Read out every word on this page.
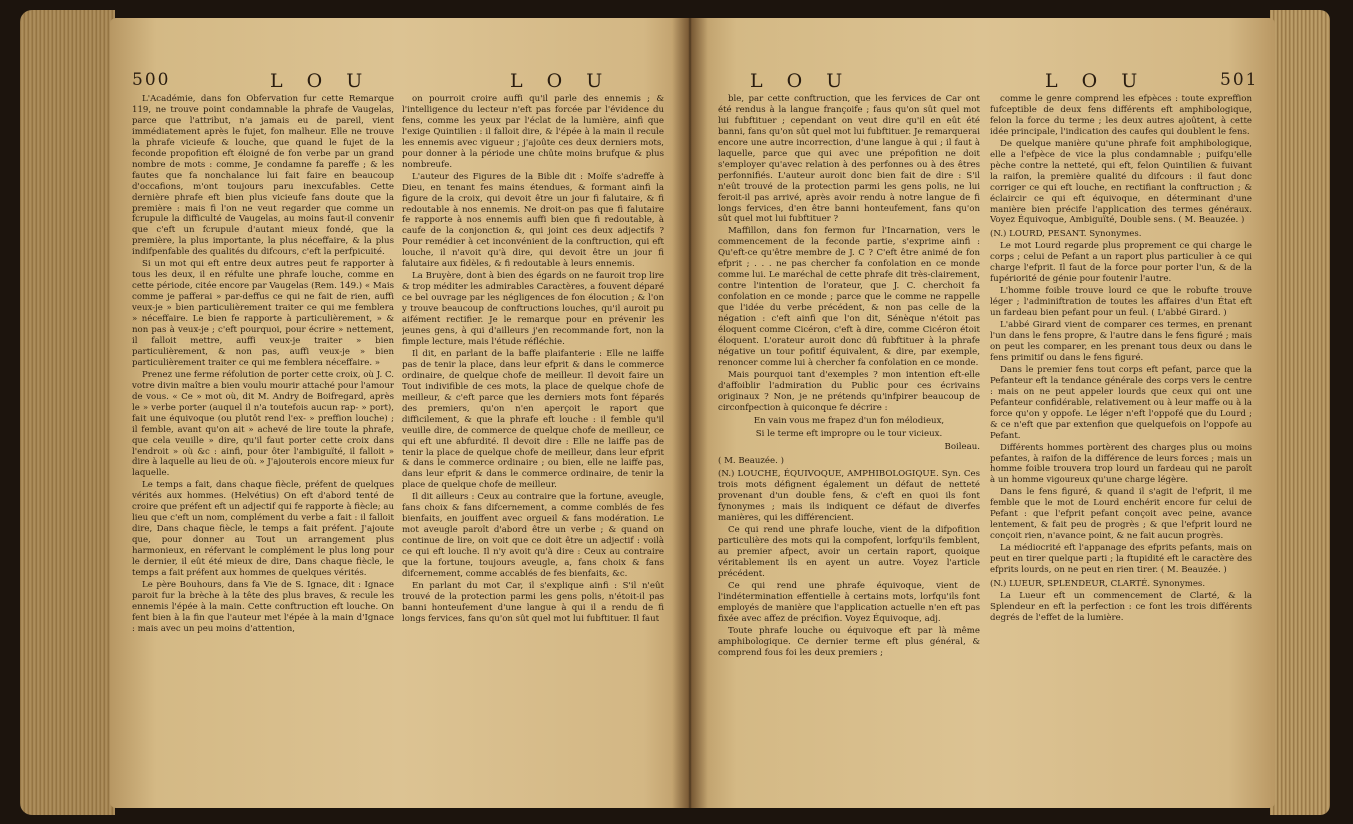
500	L O U	L O U

L'Académie, dans fon Obfervation fur cette Remarque 119, ne trouve point condamnable la phrafe de Vaugelas, parce que l'attribut, n'a jamais eu de pareil, vient immédiatement après le fujet, fon malheur. Elle ne trouve la phrafe vicieufe & louche, que quand le fujet de la feconde propofition eft éloigné de fon verbe par un grand nombre de mots : comme, Je condamne fa pareffe ; & les fautes que fa nonchalance lui fait faire en beaucoup d'occafions, m'ont toujours paru inexcufables. Cette dernière phrafe eft bien plus vicieufe fans doute que la première : mais fi l'on ne veut regarder que comme un fcrupule la difficulté de Vaugelas, au moins faut-il convenir que c'eft un fcrupule d'autant mieux fondé, que la première, la plus importante, la plus néceffaire, & la plus indifpenfable des qualités du difcours, c'eft la perfpicuité.

Si un mot qui eft entre deux autres peut fe rapporter à tous les deux, il en réfulte une phrafe louche, comme en cette période, citée encore par Vaugelas (Rem. 149.) « Mais comme je pafferai » par-deffus ce qui ne fait de rien, auffi veux-je » bien particulièrement traiter ce qui me femblera » néceffaire. Le bien fe rapporte à particulièrement, » & non pas à veux-je ; c'eft pourquoi, pour écrire » nettement, il falloit mettre, auffi veux-je traiter » bien particulièrement, & non pas, auffi veux-je » bien particulièrement traiter ce qui me femblera néceffaire. »

Prenez une ferme réfolution de porter cette croix, où J. C. votre divin maître a bien voulu mourir attaché pour l'amour de vous. « Ce » mot où, dit M. Andry de Boifregard, après le » verbe porter (auquel il n'a toutefois aucun rap- » port), fait une équivoque (ou plutôt rend l'ex- » preffion louche) ; il femble, avant qu'on ait » achevé de lire toute la phrafe, que cela veuille » dire, qu'il faut porter cette croix dans l'endroit » où &c : ainfi, pour ôter l'ambiguïté, il falloit » dire à laquelle au lieu de où. » J'ajouterois encore mieux fur laquelle.

Le temps a fait, dans chaque fiècle, préfent de quelques vérités aux hommes. (Helvétius) On eft d'abord tenté de croire que préfent eft un adjectif qui fe rapporte à fiècle; au lieu que c'eft un nom, complément du verbe a fait : il falloit dire, Dans chaque fiècle, le temps a fait préfent. J'ajoute que, pour donner au Tout un arrangement plus harmonieux, en réfervant le complément le plus long pour le dernier, il eût été mieux de dire, Dans chaque fiècle, le temps a fait préfent aux hommes de quelques vérités.

Le père Bouhours, dans fa Vie de S. Ignace, dit : Ignace paroit fur la brèche à la tête des plus braves, & recule les ennemis l'épée à la main. Cette conftruction eft louche. On fent bien à la fin que l'auteur met l'épée à la main d'Ignace : mais avec un peu moins d'attention,

on pourroit croire auffi qu'il parle des ennemis ; & l'intelligence du lecteur n'eft pas forcée par l'évidence du fens, comme les yeux par l'éclat de la lumière, ainfi que l'exige Quintilien : il falloit dire, & l'épée à la main il recule les ennemis avec vigueur ; j'ajoûte ces deux derniers mots, pour donner à la période une chûte moins brufque & plus nombreufe.

L'auteur des Figures de la Bible dit : Moïfe s'adreffe à Dieu, en tenant fes mains étendues, & formant ainfi la figure de la croix, qui devoit être un jour fi falutaire, & fi redoutable à nos ennemis. Ne droit-on pas que fi falutaire fe rapporte à nos ennemis auffi bien que fi redoutable, à caufe de la conjonction &, qui joint ces deux adjectifs ? Pour remédier à cet inconvénient de la conftruction, qui eft louche, il n'avoit qu'à dire, qui devoit être un jour fi falutaire aux fidèles, & fi redoutable à leurs ennemis.

La Bruyère, dont à bien des égards on ne fauroit trop lire & trop méditer les admirables Caractères, a fouvent déparé ce bel ouvrage par les négligences de fon élocution ; & l'on y trouve beaucoup de conftructions louches, qu'il auroit pu aifément rectifier. Je le remarque pour en prévenir les jeunes gens, à qui d'ailleurs j'en recommande fort, non la fimple lecture, mais l'étude réfléchie.

Il dit, en parlant de la baffe plaifanterie : Elle ne laiffe pas de tenir la place, dans leur efprit & dans le commerce ordinaire, de quelque chofe de meilleur. Il devoit faire un Tout indivifible de ces mots, la place de quelque chofe de meilleur, & c'eft parce que les derniers mots font féparés des premiers, qu'on n'en aperçoit le raport que difficilement, & que la phrafe eft louche : il femble qu'il veuille dire, de commerce de quelque chofe de meilleur, ce qui eft une abfurdité. Il devoit dire : Elle ne laiffe pas de tenir la place de quelque chofe de meilleur, dans leur efprit & dans le commerce ordinaire ; ou bien, elle ne laiffe pas, dans leur efprit & dans le commerce ordinaire, de tenir la place de quelque chofe de meilleur.

Il dit ailleurs : Ceux au contraire que la fortune, aveugle, fans choix & fans difcernement, a comme comblés de fes bienfaits, en jouiffent avec orgueil & fans modération. Le mot aveugle paroît d'abord être un verbe ; & quand on continue de lire, on voit que ce doit être un adjectif : voilà ce qui eft louche. Il n'y avoit qu'à dire : Ceux au contraire que la fortune, toujours aveugle, a, fans choix & fans difcernement, comme accablés de fes bienfaits, &c.

En parlant du mot Car, il s'explique ainfi : S'il n'eût trouvé de la protection parmi les gens polis, n'étoit-il pas banni honteufement d'une langue à qui il a rendu de fi longs fervices, fans qu'on sût quel mot lui fubftituer. Il faut

L O U	L O U	501

ble, par cette conftruction, que les fervices de Car ont été rendus à la langue françoife ; faus qu'on sût quel mot lui fubftituer ; cependant on veut dire qu'il en eût été banni, fans qu'on sût quel mot lui fubftituer. Je remarquerai encore une autre incorrection, d'une langue à qui ; il faut à laquelle, parce que qui avec une prépofition ne doit s'employer qu'avec relation à des perfonnes ou à des êtres perfonnifiés. L'auteur auroit donc bien fait de dire : S'il n'eût trouvé de la protection parmi les gens polis, ne lui feroit-il pas arrivé, après avoir rendu à notre langue de fi longs fervices, d'en être banni honteufement, fans qu'on sût quel mot lui fubftituer ?

Maffillon, dans fon fermon fur l'Incarnation, vers le commencement de la feconde partie, s'exprime ainfi : Qu'eft-ce qu'être membre de J. C ? C'eft être animé de fon efprit ; . . . ne pas chercher fa confolation en ce monde comme lui. Le maréchal de cette phrafe dit très-clairement, contre l'intention de l'orateur, que J. C. cherchoit fa confolation en ce monde ; parce que le comme ne rappelle que l'idée du verbe précédent, & non pas celle de la négation : c'eft ainfi que l'on dit, Sénèque n'étoit pas éloquent comme Cicéron, c'eft à dire, comme Cicéron étoit éloquent. L'orateur auroit donc dû fubftituer à la phrafe négative un tour pofitif équivalent, & dire, par exemple, renoncer comme lui à chercher fa confolation en ce monde.

Mais pourquoi tant d'exemples ? mon intention eft-elle d'affoiblir l'admiration du Public pour ces écrivains originaux ? Non, je ne prétends qu'infpirer beaucoup de circonfpection à quiconque fe décrire :

En vain vous me frapez d'un fon mélodieux,

Si le terme eft impropre ou le tour vicieux.

Boileau.

( M. Beauzée. )

(N.) LOUCHE, ÉQUIVOQUE, AMPHIBOLOGIQUE. Syn. Ces trois mots défignent également un défaut de netteté provenant d'un double fens, & c'eft en quoi ils font fynonymes ; mais ils indiquent ce défaut de diverfes manières, qui les différencient.

Ce qui rend une phrafe louche, vient de la difpofition particulière des mots qui la compofent, lorfqu'ils femblent, au premier afpect, avoir un certain raport, quoique véritablement ils en ayent un autre. Voyez l'article précédent.

Ce qui rend une phrafe équivoque, vient de l'indétermination effentielle à certains mots, lorfqu'ils font employés de manière que l'application actuelle n'en eft pas fixée avec affez de précifion. Voyez Équivoque, adj.

Toute phrafe louche ou équivoque eft par là même amphibologique. Ce dernier terme eft plus général, & comprend fous foi les deux premiers ;

comme le genre comprend les efpèces : toute expreffion fufceptible de deux fens différents eft amphibologique, felon la force du terme ; les deux autres ajoûtent, à cette idée principale, l'indication des caufes qui doublent le fens.

De quelque manière qu'une phrafe foit amphibologique, elle a l'efpèce de vice la plus condamnable ; puifqu'elle pèche contre la netteté, qui eft, felon Quintilien & fuivant la raifon, la première qualité du difcours : il faut donc corriger ce qui eft louche, en rectifiant la conftruction ; & éclaircir ce qui eft équivoque, en déterminant d'une manière bien précife l'application des termes généraux. Voyez Équivoque, Ambiguïté, Double sens. ( M. Beauzée. )

(N.) LOURD, PESANT. Synonymes.

Le mot Lourd regarde plus proprement ce qui charge le corps ; celui de Pefant a un raport plus particulier à ce qui charge l'efprit. Il faut de la force pour porter l'un, & de la fupériorité de génie pour foutenir l'autre.

L'homme foible trouve lourd ce que le robufte trouve léger ; l'adminiftration de toutes les affaires d'un État eft un fardeau bien pefant pour un feul. ( L'abbé Girard. )

L'abbé Girard vient de comparer ces termes, en prenant l'un dans le fens propre, & l'autre dans le fens figuré ; mais on peut les comparer, en les prenant tous deux ou dans le fens primitif ou dans le fens figuré.

Dans le premier fens tout corps eft pefant, parce que la Pefanteur eft la tendance générale des corps vers le centre : mais on ne peut appeler lourds que ceux qui ont une Pefanteur confidérable, relativement ou à leur maffe ou à la force qu'on y oppofe. Le léger n'eft l'oppofé que du Lourd ; & ce n'eft que par extenfion que quelquefois on l'oppofe au Pefant.

Différents hommes portèrent des charges plus ou moins pefantes, à raifon de la différence de leurs forces ; mais un homme foible trouvera trop lourd un fardeau qui ne paroît à un homme vigoureux qu'une charge légère.

Dans le fens figuré, & quand il s'agit de l'efprit, il me femble que le mot de Lourd enchérit encore fur celui de Pefant : que l'efprit pefant conçoit avec peine, avance lentement, & fait peu de progrès ; & que l'efprit lourd ne conçoit rien, n'avance point, & ne fait aucun progrès.

La médiocrité eft l'appanage des efprits pefants, mais on peut en tirer quelque parti ; la ftupidité eft le caractère des efprits lourds, on ne peut en rien tirer. ( M. Beauzée. )

(N.) LUEUR, SPLENDEUR, CLARTÉ. Synonymes.

La Lueur eft un commencement de Clarté, & la Splendeur en eft la perfection : ce font les trois différents degrés de l'effet de la lumière.
